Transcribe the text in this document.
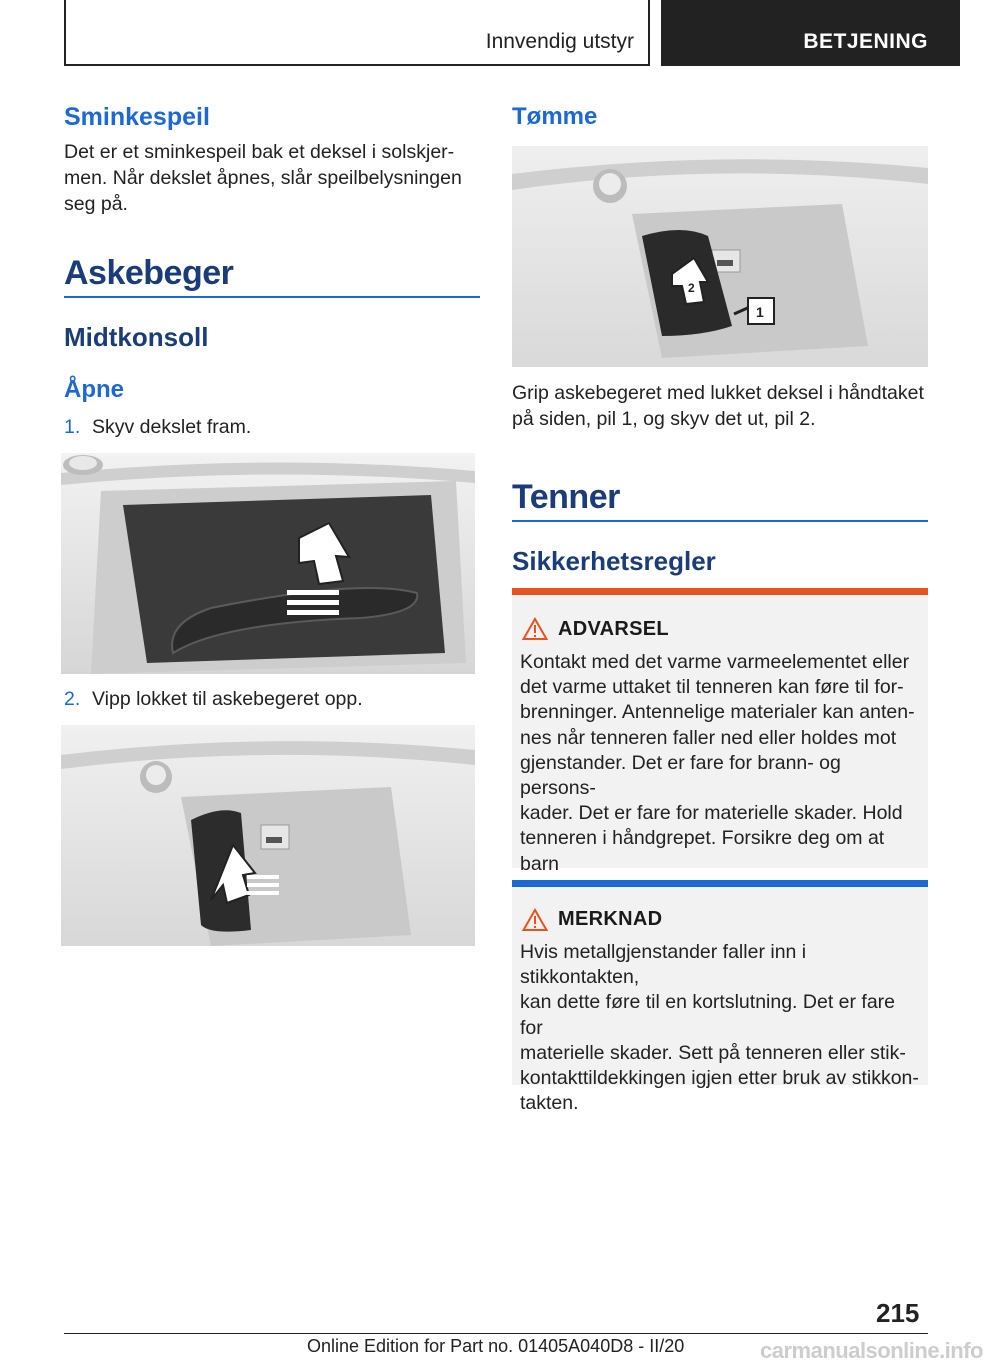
Innvendig utstyr	BETJENING
Sminkespeil

Det er et sminkespeil bak et deksel i solskjer-

men. Når dekslet åpnes, slår speilbelysningen

seg på.

Askebeger
Midtkonsoll
Åpne
1. Skyv dekslet fram.
2. Vipp lokket til askebegeret opp.
Tømme
2
1

Grip askebegeret med lukket deksel i håndtaket

på siden, pil 1, og skyv det ut, pil 2.

Tenner
Sikkerhetsregler
ADVARSEL

Kontakt med det varme varmeelementet eller

det varme uttaket til tenneren kan føre til for-

brenninger. Antennelige materialer kan anten-

nes når tenneren faller ned eller holdes mot

gjenstander. Det er fare for brann- og persons-

kader. Det er fare for materielle skader. Hold

tenneren i håndgrepet. Forsikre deg om at barn

MERKNAD

Hvis metallgjenstander faller inn i stikkontakten,

kan dette føre til en kortslutning. Det er fare for

materielle skader. Sett på tenneren eller stik-

kontakttildekkingen igjen etter bruk av stikkon-

takten.

215
Online Edition for Part no. 01405A040D8 - II/20	carmanualsonline.info
